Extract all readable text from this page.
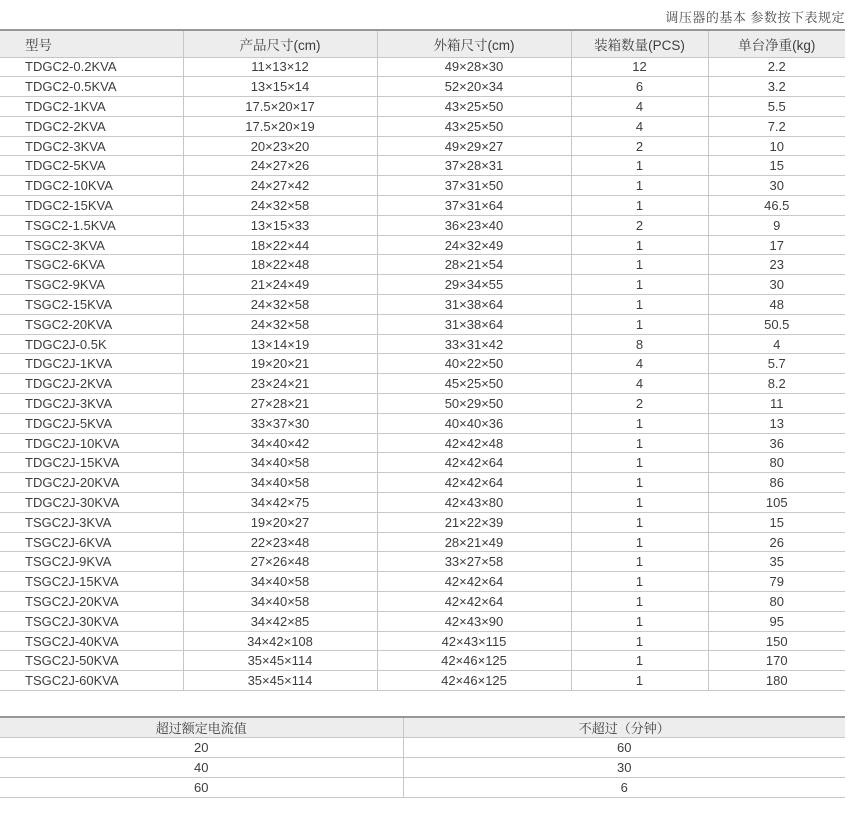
调压器的基本 参数按下表规定
型号	产品尺寸(cm)	外箱尺寸(cm)	装箱数量(PCS)	单台净重(kg)
TDGC2-0.2KVA	11×13×12	49×28×30	12	2.2
TDGC2-0.5KVA	13×15×14	52×20×34	6	3.2
TDGC2-1KVA	17.5×20×17	43×25×50	4	5.5
TDGC2-2KVA	17.5×20×19	43×25×50	4	7.2
TDGC2-3KVA	20×23×20	49×29×27	2	10
TDGC2-5KVA	24×27×26	37×28×31	1	15
TDGC2-10KVA	24×27×42	37×31×50	1	30
TDGC2-15KVA	24×32×58	37×31×64	1	46.5
TSGC2-1.5KVA	13×15×33	36×23×40	2	9
TSGC2-3KVA	18×22×44	24×32×49	1	17
TSGC2-6KVA	18×22×48	28×21×54	1	23
TSGC2-9KVA	21×24×49	29×34×55	1	30
TSGC2-15KVA	24×32×58	31×38×64	1	48
TSGC2-20KVA	24×32×58	31×38×64	1	50.5
TDGC2J-0.5K	13×14×19	33×31×42	8	4
TDGC2J-1KVA	19×20×21	40×22×50	4	5.7
TDGC2J-2KVA	23×24×21	45×25×50	4	8.2
TDGC2J-3KVA	27×28×21	50×29×50	2	11
TDGC2J-5KVA	33×37×30	40×40×36	1	13
TDGC2J-10KVA	34×40×42	42×42×48	1	36
TDGC2J-15KVA	34×40×58	42×42×64	1	80
TDGC2J-20KVA	34×40×58	42×42×64	1	86
TDGC2J-30KVA	34×42×75	42×43×80	1	105
TSGC2J-3KVA	19×20×27	21×22×39	1	15
TSGC2J-6KVA	22×23×48	28×21×49	1	26
TSGC2J-9KVA	27×26×48	33×27×58	1	35
TSGC2J-15KVA	34×40×58	42×42×64	1	79
TSGC2J-20KVA	34×40×58	42×42×64	1	80
TSGC2J-30KVA	34×42×85	42×43×90	1	95
TSGC2J-40KVA	34×42×108	42×43×115	1	150
TSGC2J-50KVA	35×45×114	42×46×125	1	170
TSGC2J-60KVA	35×45×114	42×46×125	1	180
超过额定电流值	不超过（分钟）
20	60
40	30
60	6
